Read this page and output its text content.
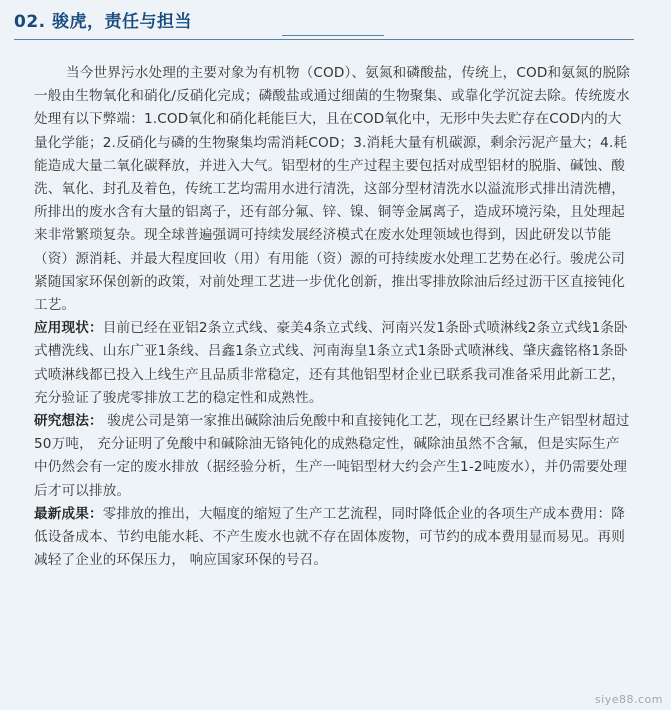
02. 骏虎，责任与担当

当今世界污水处理的主要对象为有机物（COD）、氨氮和磷酸盐，传统上，COD和氨氮的脱除一般由生物氧化和硝化/反硝化完成；磷酸盐或通过细菌的生物聚集、或靠化学沉淀去除。传统废水处理有以下弊端：1.COD氧化和硝化耗能巨大，且在COD氧化中，无形中失去贮存在COD内的大量化学能；2.反硝化与磷的生物聚集均需消耗COD；3.消耗大量有机碳源，剩余污泥产量大；4.耗能造成大量二氧化碳释放，并进入大气。铝型材的生产过程主要包括对成型铝材的脱脂、碱蚀、酸洗、氧化、封孔及着色，传统工艺均需用水进行清洗，这部分型材清洗水以溢流形式排出清洗槽，所排出的废水含有大量的铝离子，还有部分氟、锌、镍、铜等金属离子，造成环境污染，且处理起来非常繁琐复杂。现全球普遍强调可持续发展经济模式在废水处理领域也得到，因此研发以节能（资）源消耗、并最大程度回收（用）有用能（资）源的可持续废水处理工艺势在必行。骏虎公司紧随国家环保创新的政策，对前处理工艺进一步优化创新，推出零排放除油后经过沥干区直接钝化工艺。

应用现状：目前已经在亚铝2条立式线、豪美4条立式线、河南兴发1条卧式喷淋线2条立式线1条卧式槽洗线、山东广亚1条线、吕鑫1条立式线、河南海皇1条立式1条卧式喷淋线、肇庆鑫铭格1条卧式喷淋线都已投入上线生产且品质非常稳定，还有其他铝型材企业已联系我司准备采用此新工艺，充分验证了骏虎零排放工艺的稳定性和成熟性。

研究想法： 骏虎公司是第一家推出碱除油后免酸中和直接钝化工艺，现在已经累计生产铝型材超过50万吨， 充分证明了免酸中和碱除油无铬钝化的成熟稳定性，碱除油虽然不含氟，但是实际生产中仍然会有一定的废水排放（据经验分析，生产一吨铝型材大约会产生1-2吨废水），并仍需要处理后才可以排放。

最新成果：零排放的推出，大幅度的缩短了生产工艺流程，同时降低企业的各项生产成本费用：降低设备成本、节约电能水耗、不产生废水也就不存在固体废物，可节约的成本费用显而易见。再则减轻了企业的环保压力， 响应国家环保的号召。

siye88.com
